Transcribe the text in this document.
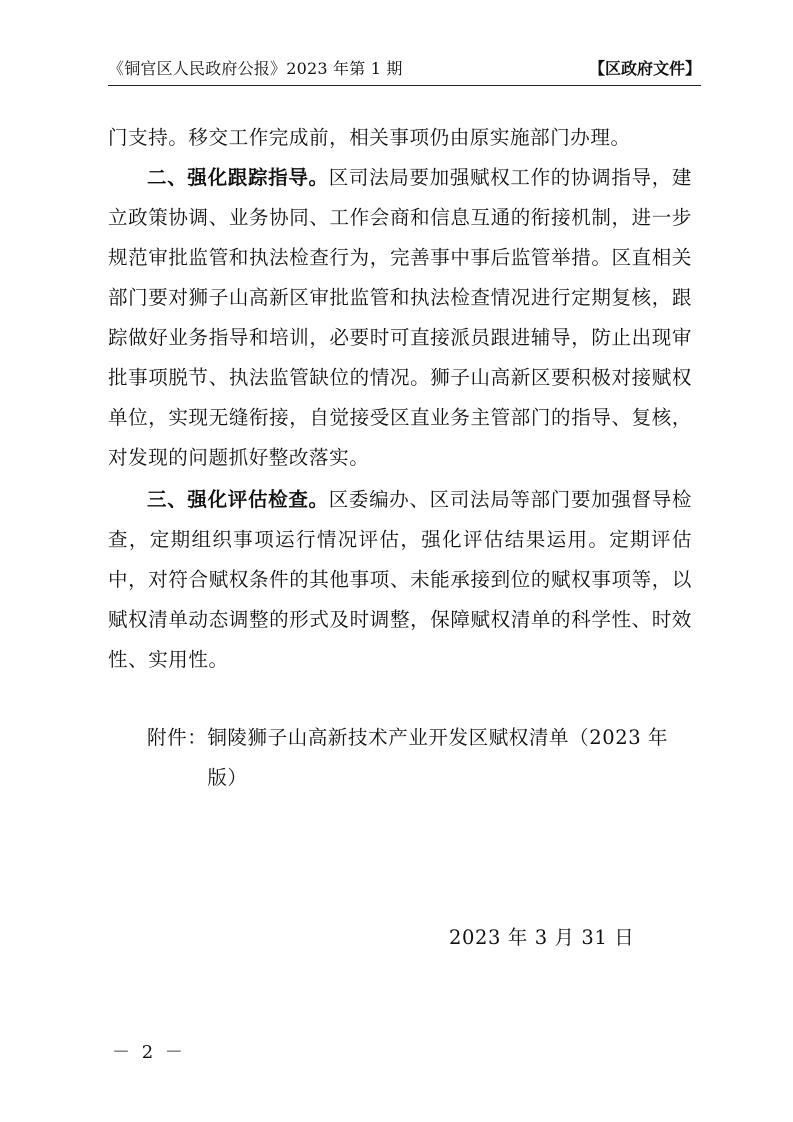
《铜官区人民政府公报》2023 年第 1 期	【区政府文件】

门支持。移交工作完成前，相关事项仍由原实施部门办理。

二、强化跟踪指导。区司法局要加强赋权工作的协调指导，建立政策协调、业务协同、工作会商和信息互通的衔接机制，进一步规范审批监管和执法检查行为，完善事中事后监管举措。区直相关部门要对狮子山高新区审批监管和执法检查情况进行定期复核，跟踪做好业务指导和培训，必要时可直接派员跟进辅导，防止出现审批事项脱节、执法监管缺位的情况。狮子山高新区要积极对接赋权单位，实现无缝衔接，自觉接受区直业务主管部门的指导、复核，对发现的问题抓好整改落实。

三、强化评估检查。区委编办、区司法局等部门要加强督导检查，定期组织事项运行情况评估，强化评估结果运用。定期评估中，对符合赋权条件的其他事项、未能承接到位的赋权事项等，以赋权清单动态调整的形式及时调整，保障赋权清单的科学性、时效性、实用性。

附件： 铜陵狮子山高新技术产业开发区赋权清单（2023 年版）
2023 年 3 月 31 日
－ 2 －
